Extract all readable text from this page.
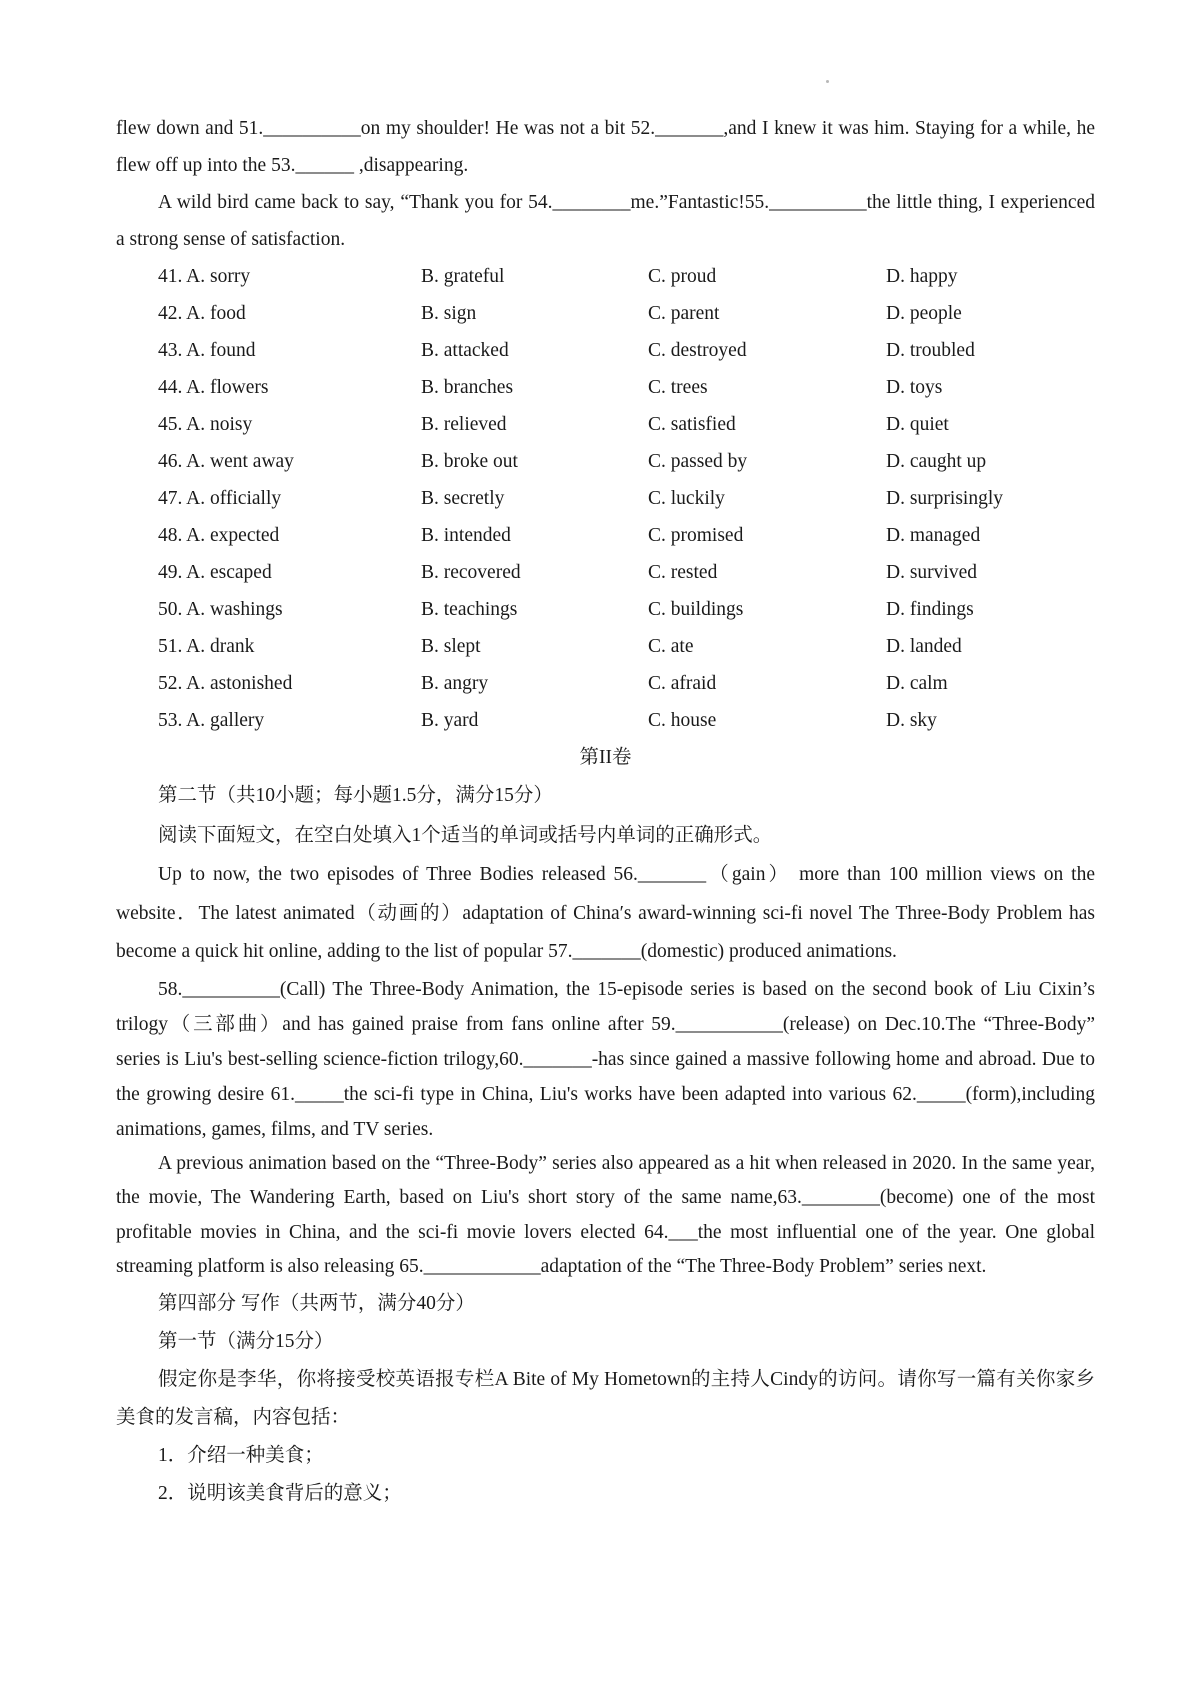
flew down and 51.__________on my shoulder! He was not a bit 52._______,and I knew it was him. Staying for a while, he flew off up into the 53.______ ,disappearing.

A wild bird came back to say, “Thank you for 54.________me.”Fantastic!55.__________the little thing, I experienced a strong sense of satisfaction.

41. A. sorry	B. grateful	C. proud	D. happy
42. A. food	B. sign	C. parent	D. people
43. A. found	B. attacked	C. destroyed	D. troubled
44. A. flowers	B. branches	C. trees	D. toys
45. A. noisy	B. relieved	C. satisfied	D. quiet
46. A. went away	B. broke out	C. passed by	D. caught up
47. A. officially	B. secretly	C. luckily	D. surprisingly
48. A. expected	B. intended	C. promised	D. managed
49. A. escaped	B. recovered	C. rested	D. survived
50. A. washings	B. teachings	C. buildings	D. findings
51. A. drank	B. slept	C. ate	D. landed
52. A. astonished	B. angry	C. afraid	D. calm
53. A. gallery	B. yard	C. house	D. sky

第II卷

第二节（共10小题；每小题1.5分，满分15分）

阅读下面短文，在空白处填入1个适当的单词或括号内单词的正确形式。

Up to now, the two episodes of Three Bodies released 56._______（gain） more than 100 million views on the website．The latest animated（动画的）adaptation of China′s award-winning sci-fi novel The Three-Body Problem has become a quick hit online, adding to the list of popular 57._______(domestic) produced animations.

58.__________(Call) The Three-Body Animation, the 15-episode series is based on the second book of Liu Cixin’s trilogy（三部曲）and has gained praise from fans online after 59.___________(release) on Dec.10.The “Three-Body” series is Liu's best-selling science-fiction trilogy,60._______-has since gained a massive following home and abroad. Due to the growing desire 61._____the sci-fi type in China, Liu's works have been adapted into various 62._____(form),including animations, games, films, and TV series.

A previous animation based on the “Three-Body” series also appeared as a hit when released in 2020. In the same year, the movie, The Wandering Earth, based on Liu's short story of the same name,63.________(become) one of the most profitable movies in China, and the sci-fi movie lovers elected 64.___the most influential one of the year. One global streaming platform is also releasing 65.____________adaptation of the “The Three-Body Problem” series next.

第四部分 写作（共两节，满分40分）

第一节（满分15分）

假定你是李华，你将接受校英语报专栏A Bite of My Hometown的主持人Cindy的访问。请你写一篇有关你家乡美食的发言稿，内容包括：

1．介绍一种美食；

2．说明该美食背后的意义；
